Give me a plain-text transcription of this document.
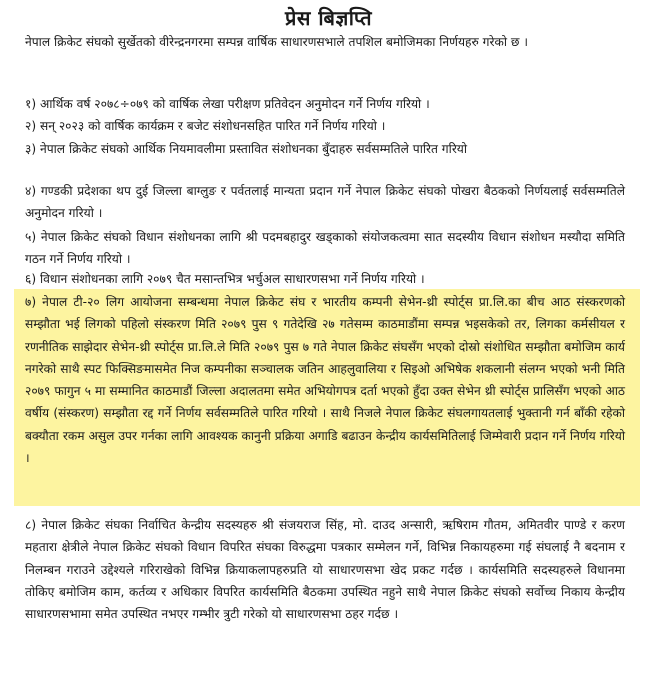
प्रेस बिज्ञप्ति

नेपाल क्रिकेट संघको सुर्खेतको वीरेन्द्रनगरमा सम्पन्न वार्षिक साधारणसभाले तपशिल बमोजिमका निर्णयहरु गरेको छ ।

१) आर्थिक वर्ष २०७८÷०७९ को वार्षिक लेखा परीक्षण प्रतिवेदन अनुमोदन गर्ने निर्णय गरियो ।

२) सन् २०२३ को वार्षिक कार्यक्रम र बजेट संशोधनसहित पारित गर्ने निर्णय गरियो ।

३) नेपाल क्रिकेट संघको आर्थिक नियमावलीमा प्रस्तावित संशोधनका बुँदाहरु सर्वसम्मतिले पारित गरियो

४) गण्डकी प्रदेशका थप दुई जिल्ला बाग्लुङ र पर्वतलाई मान्यता प्रदान गर्ने नेपाल क्रिकेट संघको पोखरा बैठकको निर्णयलाई सर्वसम्मतिले अनुमोदन गरियो ।

५) नेपाल क्रिकेट संघको विधान संशोधनका लागि श्री पदमबहादुर खड्काको संयोजकत्वमा सात सदस्यीय विधान संशोधन मस्यौदा समिति गठन गर्ने निर्णय गरियो ।

६) विधान संशोधनका लागि २०७९ चैत मसान्तभित्र भर्चुअल साधारणसभा गर्ने निर्णय गरियो ।

७) नेपाल टी-२० लिग आयोजना सम्बन्धमा नेपाल क्रिकेट संघ र भारतीय कम्पनी सेभेन-थ्री स्पोर्ट्स प्रा.लि.का बीच आठ संस्करणको सम्झौता भई लिगको पहिलो संस्करण मिति २०७९ पुस ९ गतेदेखि २७ गतेसम्म काठमाडौंमा सम्पन्न भइसकेको तर, लिगका कर्मसीयल र रणनीतिक साझेदार सेभेन-थ्री स्पोर्ट्स प्रा.लि.ले मिति २०७९ पुस ७ गते नेपाल क्रिकेट संघसँग भएको दोस्रो संशोधित सम्झौता बमोजिम कार्य नगरेको साथै स्पट फिक्सिङमासमेत निज कम्पनीका सञ्चालक जतिन आहलुवालिया र सिइओ अभिषेक शकलानी संलग्न भएको भनी मिति २०७९ फागुन ५ मा सम्मानित काठमाडौं जिल्ला अदालतमा समेत अभियोगपत्र दर्ता भएको हुँदा उक्त सेभेन थ्री स्पोर्ट्स प्रालिसँग भएको आठ वर्षीय (संस्करण) सम्झौता रद्द गर्ने निर्णय सर्वसम्मतिले पारित गरियो । साथै निजले नेपाल क्रिकेट संघलगायतलाई भुक्तानी गर्न बाँकी रहेको बक्यौता रकम असुल उपर गर्नका लागि आवश्यक कानुनी प्रक्रिया अगाडि बढाउन केन्द्रीय कार्यसमितिलाई जिम्मेवारी प्रदान गर्ने निर्णय गरियो ।

८) नेपाल क्रिकेट संघका निर्वाचित केन्द्रीय सदस्यहरु श्री संजयराज सिंह, मो. दाउद अन्सारी, ऋषिराम गौतम, अमितवीर पाण्डे र करण महतारा क्षेत्रीले नेपाल क्रिकेट संघको विधान विपरित संघका विरुद्धमा पत्रकार सम्मेलन गर्ने, विभिन्न निकायहरुमा गई संघलाई नै बदनाम र निलम्बन गराउने उद्देश्यले गरिराखेको विभिन्न क्रियाकलापहरुप्रति यो साधारणसभा खेद प्रकट गर्दछ । कार्यसमिति सदस्यहरुले विधानमा तोकिए बमोजिम काम, कर्तव्य र अधिकार विपरित कार्यसमिति बैठकमा उपस्थित नहुने साथै नेपाल क्रिकेट संघको सर्वोच्च निकाय केन्द्रीय साधारणसभामा समेत उपस्थित नभएर गम्भीर त्रुटी गरेको यो साधारणसभा ठहर गर्दछ ।
